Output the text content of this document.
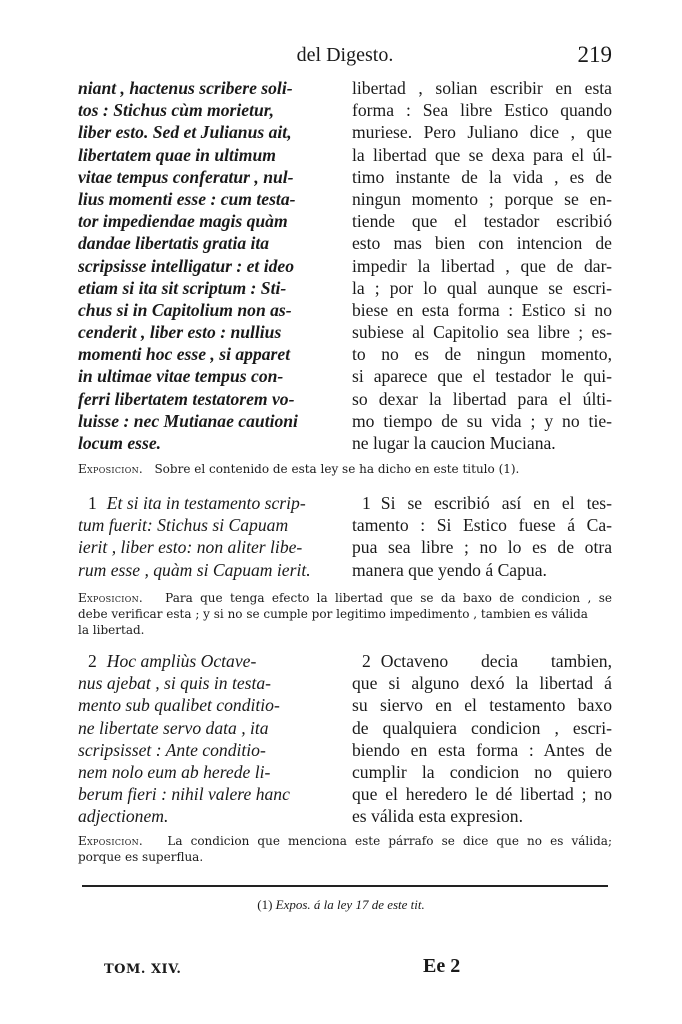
del Digesto.	219
niant , hactenus scribere soli-
tos : Stichus cùm morietur,
liber esto. Sed et Julianus ait,
libertatem quae in ultimum
vitae tempus conferatur , nul-
lius momenti esse : cum testa-
tor impediendae magis quàm
dandae libertatis gratia ita
scripsisse intelligatur : et ideo
etiam si ita sit scriptum : Sti-
chus si in Capitolium non as-
cenderit , liber esto : nullius
momenti hoc esse , si apparet
in ultimae vitae tempus con-
ferri libertatem testatorem vo-
luisse : nec Mutianae cautioni
locum esse.
libertad , solian escribir en esta
forma : Sea libre Estico quando
muriese. Pero Juliano dice , que
la libertad que se dexa para el úl-
timo instante de la vida , es de
ningun momento ; porque se en-
tiende que el testador escribió
esto mas bien con intencion de
impedir la libertad , que de dar-
la ; por lo qual aunque se escri-
biese en esta forma : Estico si no
subiese al Capitolio sea libre ; es-
to no es de ningun momento,
si aparece que el testador le qui-
so dexar la libertad para el últi-
mo tiempo de su vida ; y no tie-
ne lugar la caucion Muciana.
Exposicion. Sobre el contenido de esta ley se ha dicho en este titulo (1).
1 Et si ita in testamento scrip-
tum fuerit: Stichus si Capuam
ierit , liber esto: non aliter libe-
rum esse , quàm si Capuam ierit.
1 Si se escribió así en el tes-
tamento : Si Estico fuese á Ca-
pua sea libre ; no lo es de otra
manera que yendo á Capua.
Exposicion. Para que tenga efecto la libertad que se da baxo de condicion , se
debe verificar esta ; y si no se cumple por legitimo impedimento , tambien es válida
la libertad.
2 Hoc ampliùs Octave-
nus ajebat , si quis in testa-
mento sub qualibet conditio-
ne libertate servo data , ita
scripsisset : Ante conditio-
nem nolo eum ab herede li-
berum fieri : nihil valere hanc
adjectionem.
2 Octaveno decia tambien,
que si alguno dexó la libertad á
su siervo en el testamento baxo
de qualquiera condicion , escri-
biendo en esta forma : Antes de
cumplir la condicion no quiero
que el heredero le dé libertad ; no
es válida esta expresion.
Exposicion. La condicion que menciona este párrafo se dice que no es válida;
porque es superflua.
(1) Expos. á la ley 17 de este tit.
TOM. XIV.	Ee 2
